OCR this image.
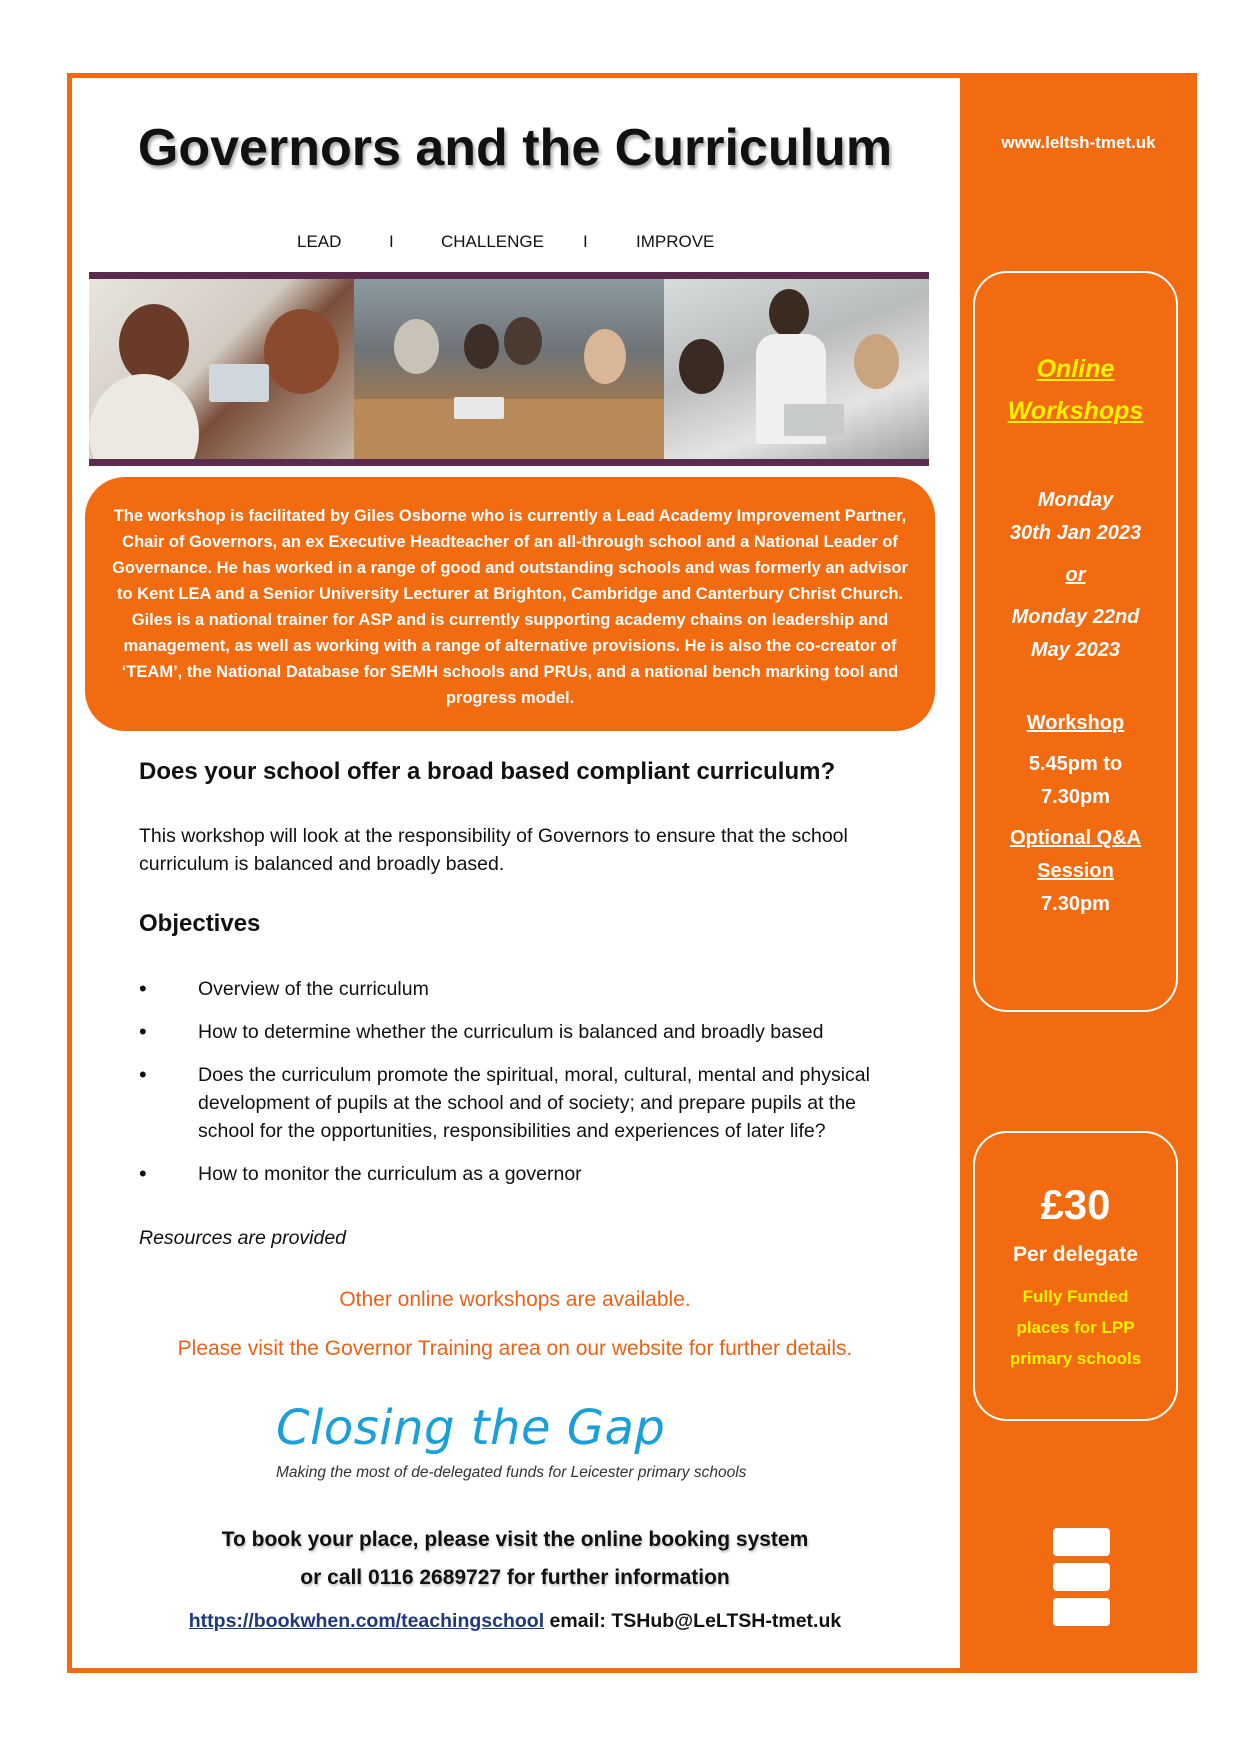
www.leltsh-tmet.uk
Online
Workshops
Monday
30th Jan 2023
or
Monday 22nd
May 2023
Workshop
5.45pm to
7.30pm
Optional Q&A
Session
7.30pm
£30
Per delegate
Fully Funded
places for LPP
primary schools
Governors and the Curriculum
LEAD	I	CHALLENGE I	IMPROVE
The workshop is facilitated by Giles Osborne who is currently a Lead Academy Improvement Partner, Chair of Governors, an ex Executive Headteacher of an all-through school and a National Leader of Governance. He has worked in a range of good and outstanding schools and was formerly an advisor to Kent LEA and a Senior University Lecturer at Brighton, Cambridge and Canterbury Christ Church. Giles is a national trainer for ASP and is currently supporting academy chains on leadership and management, as well as working with a range of alternative provisions. He is also the co-creator of ‘TEAM’, the National Database for SEMH schools and PRUs, and a national bench marking tool and progress model.
Does your school offer a broad based compliant curriculum?
This workshop will look at the responsibility of Governors to ensure that the school curriculum is balanced and broadly based.
Objectives
•	Overview of the curriculum
•	How to determine whether the curriculum is balanced and broadly based
•	Does the curriculum promote the spiritual, moral, cultural, mental and physical development of pupils at the school and of society; and prepare pupils at the school for the opportunities, responsibilities and experiences of later life?
•	How to monitor the curriculum as a governor
Resources are provided
Other online workshops are available.
Please visit the Governor Training area on our website for further details.
Closing the Gap
Making the most of de-delegated funds for Leicester primary schools
To book your place, please visit the online booking system
or call 0116 2689727 for further information
https://bookwhen.com/teachingschool email: TSHub@LeLTSH-tmet.uk
